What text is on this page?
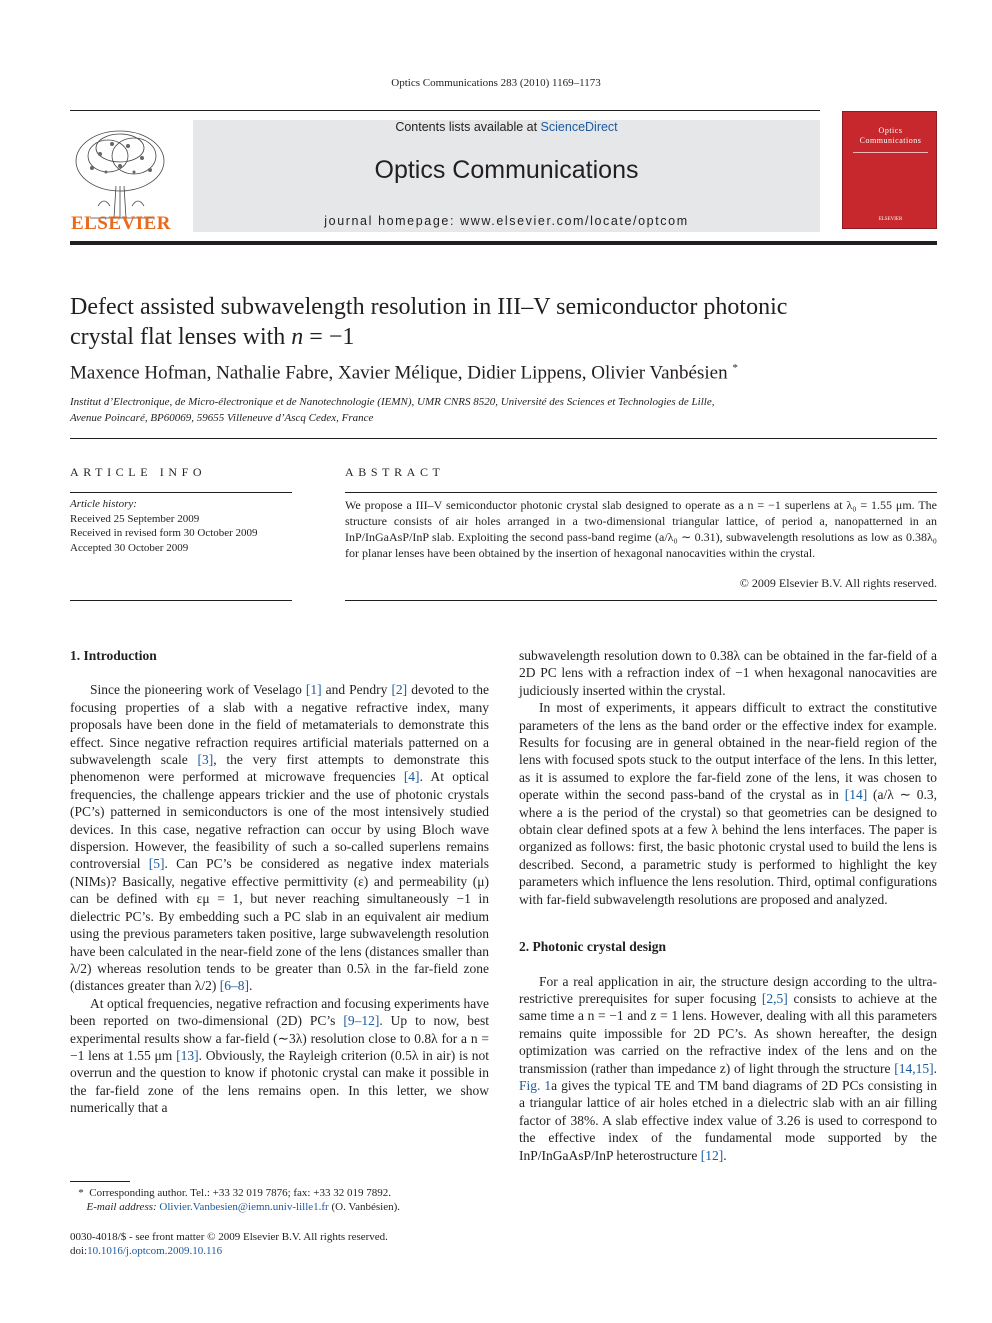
Optics Communications 283 (2010) 1169–1173
ELSEVIER
Contents lists available at ScienceDirect
Optics Communications
journal homepage: www.elsevier.com/locate/optcom
Optics
Communications
ELSEVIER
Defect assisted subwavelength resolution in III–V semiconductor photonic
crystal flat lenses with n = −1
Maxence Hofman, Nathalie Fabre, Xavier Mélique, Didier Lippens, Olivier Vanbésien *
Institut d’Electronique, de Micro-électronique et de Nanotechnologie (IEMN), UMR CNRS 8520, Université des Sciences et Technologies de Lille,
Avenue Poincaré, BP60069, 59655 Villeneuve d’Ascq Cedex, France
ARTICLE INFO	ABSTRACT
Article history:
Received 25 September 2009
Received in revised form 30 October 2009
Accepted 30 October 2009
We propose a III–V semiconductor photonic crystal slab designed to operate as a n = −1 superlens at λ₀ = 1.55 μm. The structure consists of air holes arranged in a two-dimensional triangular lattice, of period a, nanopatterned in an InP/InGaAsP/InP slab. Exploiting the second pass-band regime (a/λ₀ ∼ 0.31), subwavelength resolutions as low as 0.38λ₀ for planar lenses have been obtained by the insertion of hexagonal nanocavities within the crystal.
© 2009 Elsevier B.V. All rights reserved.
1. Introduction

Since the pioneering work of Veselago [1] and Pendry [2] devoted to the focusing properties of a slab with a negative refractive index, many proposals have been done in the field of metamaterials to demonstrate this effect. Since negative refraction requires artificial materials patterned on a subwavelength scale [3], the very first attempts to demonstrate this phenomenon were performed at microwave frequencies [4]. At optical frequencies, the challenge appears trickier and the use of photonic crystals (PC’s) patterned in semiconductors is one of the most intensively studied devices. In this case, negative refraction can occur by using Bloch wave dispersion. However, the feasibility of such a so-called superlens remains controversial [5]. Can PC’s be considered as negative index materials (NIMs)? Basically, negative effective permittivity (ε) and permeability (μ) can be defined with εμ = 1, but never reaching simultaneously −1 in dielectric PC’s. By embedding such a PC slab in an equivalent air medium using the previous parameters taken positive, large subwavelength resolution have been calculated in the near-field zone of the lens (distances smaller than λ/2) whereas resolution tends to be greater than 0.5λ in the far-field zone (distances greater than λ/2) [6–8].

At optical frequencies, negative refraction and focusing experiments have been reported on two-dimensional (2D) PC’s [9–12]. Up to now, best experimental results show a far-field (∼3λ) resolution close to 0.8λ for a n = −1 lens at 1.55 μm [13]. Obviously, the Rayleigh criterion (0.5λ in air) is not overrun and the question to know if photonic crystal can make it possible in the far-field zone of the lens remains open. In this letter, we show numerically that a

subwavelength resolution down to 0.38λ can be obtained in the far-field of a 2D PC lens with a refraction index of −1 when hexagonal nanocavities are judiciously inserted within the crystal.

In most of experiments, it appears difficult to extract the constitutive parameters of the lens as the band order or the effective index for example. Results for focusing are in general obtained in the near-field region of the lens with focused spots stuck to the output interface of the lens. In this letter, as it is assumed to explore the far-field zone of the lens, it was chosen to operate within the second pass-band of the crystal as in [14] (a/λ ∼ 0.3, where a is the period of the crystal) so that geometries can be designed to obtain clear defined spots at a few λ behind the lens interfaces. The paper is organized as follows: first, the basic photonic crystal used to build the lens is described. Second, a parametric study is performed to highlight the key parameters which influence the lens resolution. Third, optimal configurations with far-field subwavelength resolutions are proposed and analyzed.

2. Photonic crystal design

For a real application in air, the structure design according to the ultra-restrictive prerequisites for super focusing [2,5] consists to achieve at the same time a n = −1 and z = 1 lens. However, dealing with all this parameters remains quite impossible for 2D PC’s. As shown hereafter, the design optimization was carried on the refractive index of the lens and on the transmission (rather than impedance z) of light through the structure [14,15]. Fig. 1a gives the typical TE and TM band diagrams of 2D PCs consisting in a triangular lattice of air holes etched in a dielectric slab with an air filling factor of 38%. A slab effective index value of 3.26 is used to correspond to the effective index of the fundamental mode supported by the InP/InGaAsP/InP heterostructure [12].

* Corresponding author. Tel.: +33 32 019 7876; fax: +33 32 019 7892.
E-mail address: Olivier.Vanbesien@iemn.univ-lille1.fr (O. Vanbésien).
0030-4018/$ - see front matter © 2009 Elsevier B.V. All rights reserved.
doi:10.1016/j.optcom.2009.10.116
